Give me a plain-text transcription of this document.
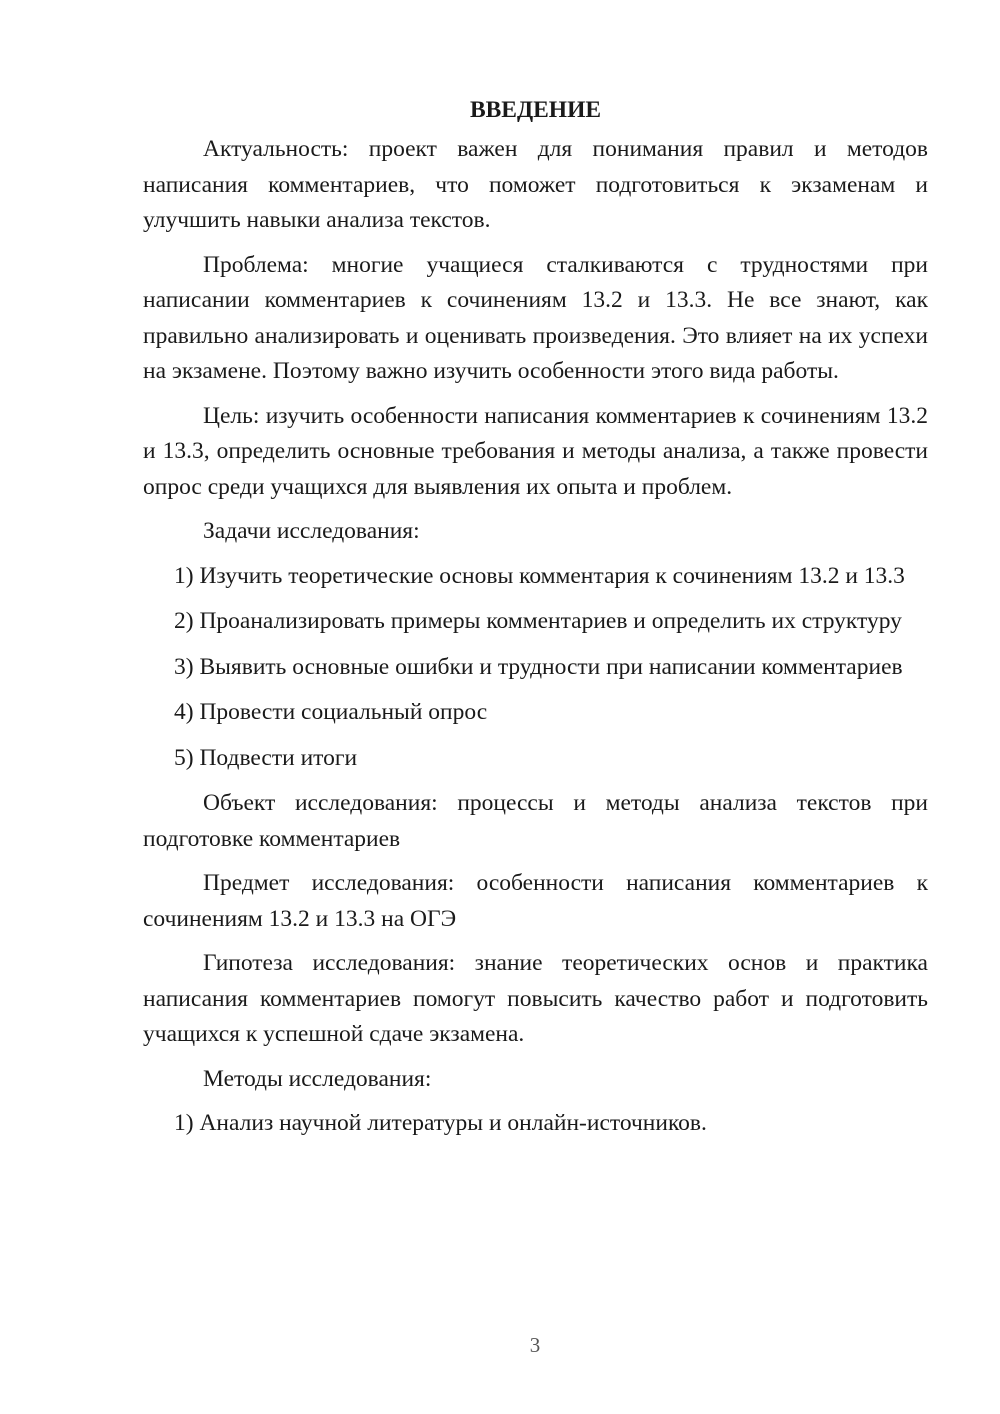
ВВЕДЕНИЕ

Актуальность: проект важен для понимания правил и методов написания комментариев, что поможет подготовиться к экзаменам и улучшить навыки анализа текстов.

Проблема: многие учащиеся сталкиваются с трудностями при написании комментариев к сочинениям 13.2 и 13.3. Не все знают, как правильно анализировать и оценивать произведения. Это влияет на их успехи на экзамене. Поэтому важно изучить особенности этого вида работы.

Цель: изучить особенности написания комментариев к сочинениям 13.2 и 13.3, определить основные требования и методы анализа, а также провести опрос среди учащихся для выявления их опыта и проблем.

Задачи исследования:

1) Изучить теоретические основы комментария к сочинениям 13.2 и 13.3

2) Проанализировать примеры комментариев и определить их структуру

3) Выявить основные ошибки и трудности при написании комментариев

4) Провести социальный опрос

5) Подвести итоги

Объект исследования: процессы и методы анализа текстов при подготовке комментариев

Предмет исследования: особенности написания комментариев к сочинениям 13.2 и 13.3 на ОГЭ

Гипотеза исследования: знание теоретических основ и практика написания комментариев помогут повысить качество работ и подготовить учащихся к успешной сдаче экзамена.

Методы исследования:

1) Анализ научной литературы и онлайн-источников.

3
